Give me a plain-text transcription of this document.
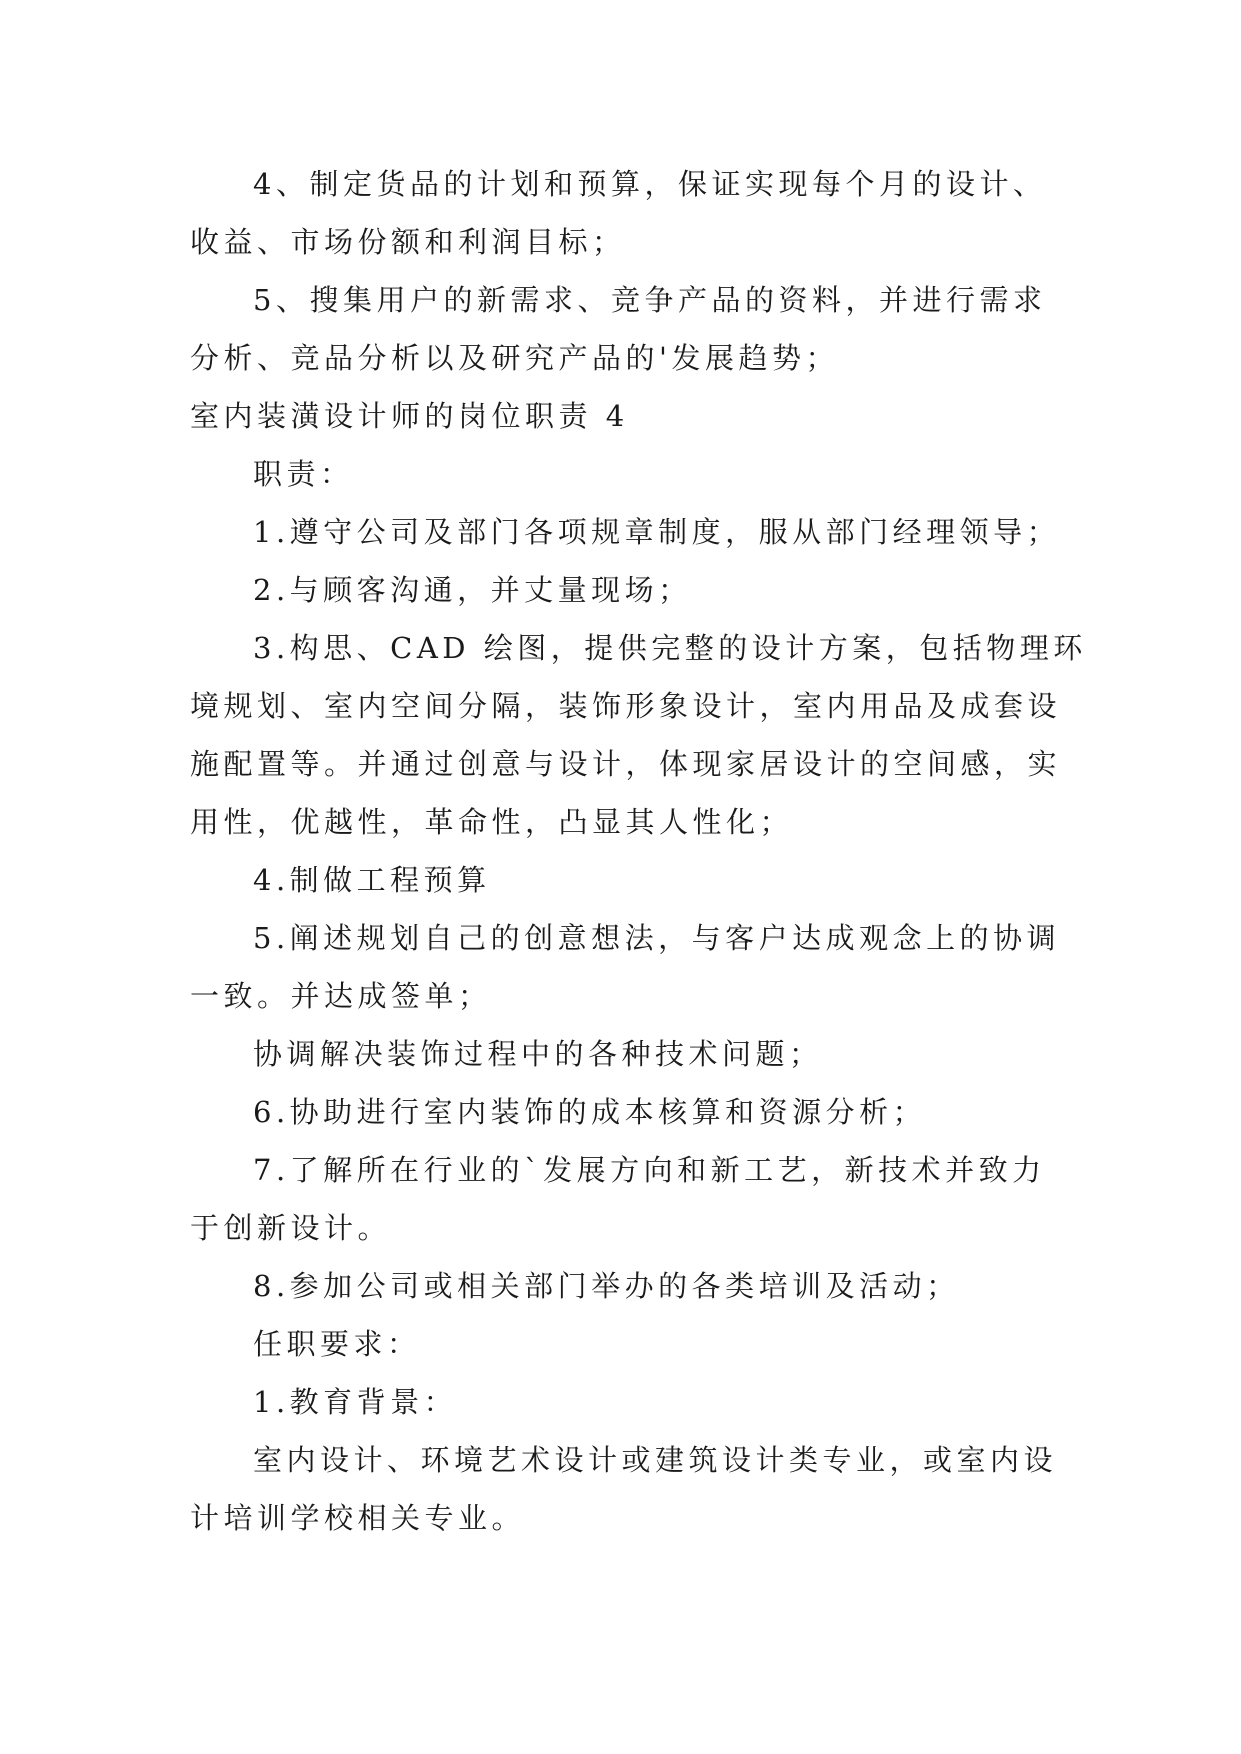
4、制定货品的计划和预算，保证实现每个月的设计、
收益、市场份额和利润目标；
5、搜集用户的新需求、竞争产品的资料，并进行需求
分析、竞品分析以及研究产品的'发展趋势；
室内装潢设计师的岗位职责 4
职责：
1.遵守公司及部门各项规章制度，服从部门经理领导；
2.与顾客沟通，并丈量现场；
3.构思、CAD 绘图，提供完整的设计方案，包括物理环
境规划、室内空间分隔，装饰形象设计，室内用品及成套设
施配置等。并通过创意与设计，体现家居设计的空间感，实
用性，优越性，革命性，凸显其人性化；
4.制做工程预算
5.阐述规划自己的创意想法，与客户达成观念上的协调
一致。并达成签单；
协调解决装饰过程中的各种技术问题；
6.协助进行室内装饰的成本核算和资源分析；
7.了解所在行业的`发展方向和新工艺，新技术并致力
于创新设计。
8.参加公司或相关部门举办的各类培训及活动；
任职要求：
1.教育背景：
室内设计、环境艺术设计或建筑设计类专业，或室内设
计培训学校相关专业。
